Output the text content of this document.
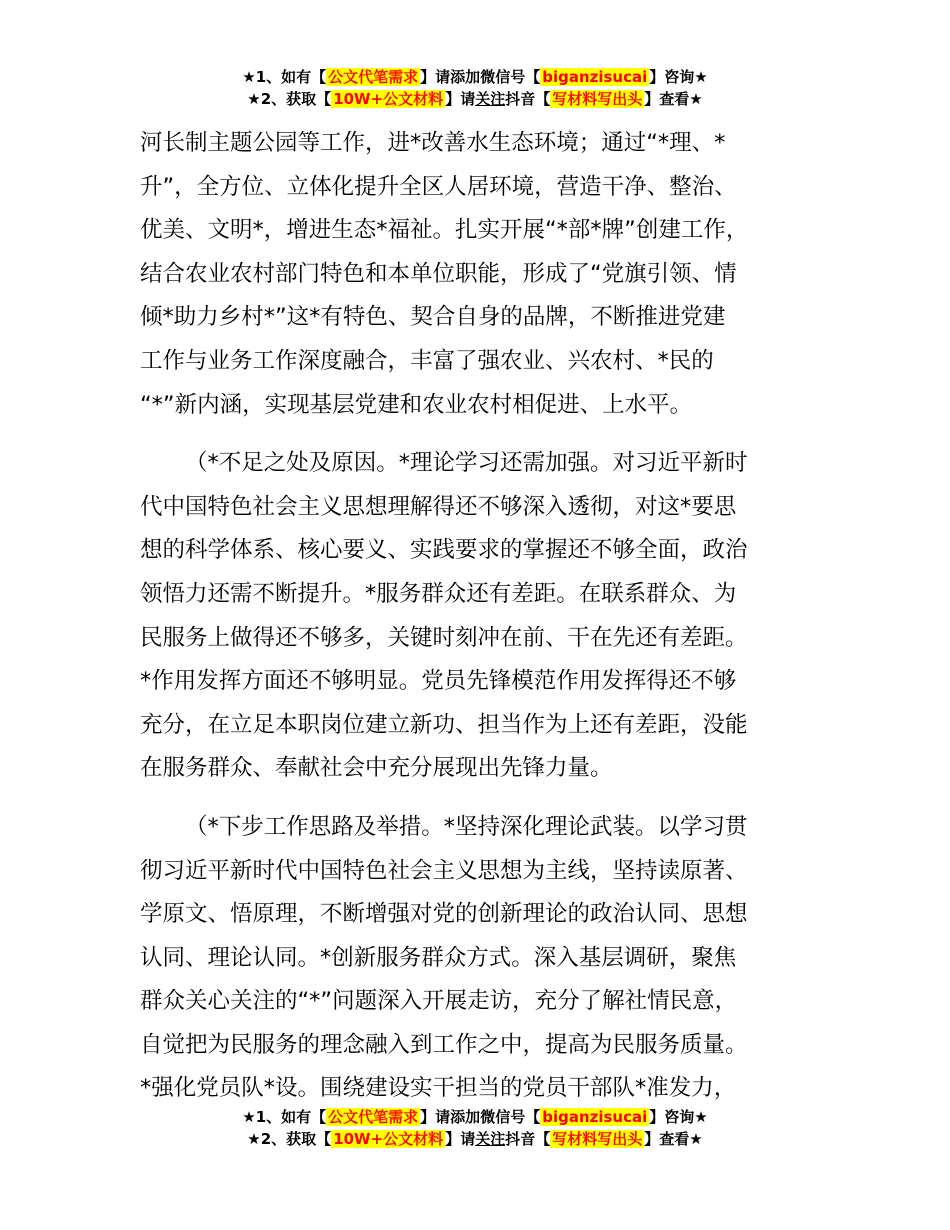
★1、如有【 公文代笔需求 】请添加微信号【 biganzisucai 】咨询★
★2、获取【 10W+公文材料 】请关注抖音【 写材料写出头 】查看★
河长制主题公园等工作，进*改善水生态环境；通过“*理、*
升”，全方位、立体化提升全区人居环境，营造干净、整治、
优美、文明*，增进生态*福祉。扎实开展“*部*牌”创建工作，
结合农业农村部门特色和本单位职能，形成了“党旗引领、情
倾*助力乡村*”这*有特色、契合自身的品牌，不断推进党建
工作与业务工作深度融合，丰富了强农业、兴农村、*民的
“*”新内涵，实现基层党建和农业农村相促进、上水平。
（*不足之处及原因。*理论学习还需加强。对习近平新时
代中国特色社会主义思想理解得还不够深入透彻，对这*要思
想的科学体系、核心要义、实践要求的掌握还不够全面，政治
领悟力还需不断提升。*服务群众还有差距。在联系群众、为
民服务上做得还不够多，关键时刻冲在前、干在先还有差距。
*作用发挥方面还不够明显。党员先锋模范作用发挥得还不够
充分，在立足本职岗位建立新功、担当作为上还有差距，没能
在服务群众、奉献社会中充分展现出先锋力量。
（*下步工作思路及举措。*坚持深化理论武装。以学习贯
彻习近平新时代中国特色社会主义思想为主线，坚持读原著、
学原文、悟原理，不断增强对党的创新理论的政治认同、思想
认同、理论认同。*创新服务群众方式。深入基层调研，聚焦
群众关心关注的“*”问题深入开展走访，充分了解社情民意，
自觉把为民服务的理念融入到工作之中，提高为民服务质量。
*强化党员队*设。围绕建设实干担当的党员干部队*准发力，
★1、如有【 公文代笔需求 】请添加微信号【 biganzisucai 】咨询★
★2、获取【 10W+公文材料 】请关注抖音【 写材料写出头 】查看★
